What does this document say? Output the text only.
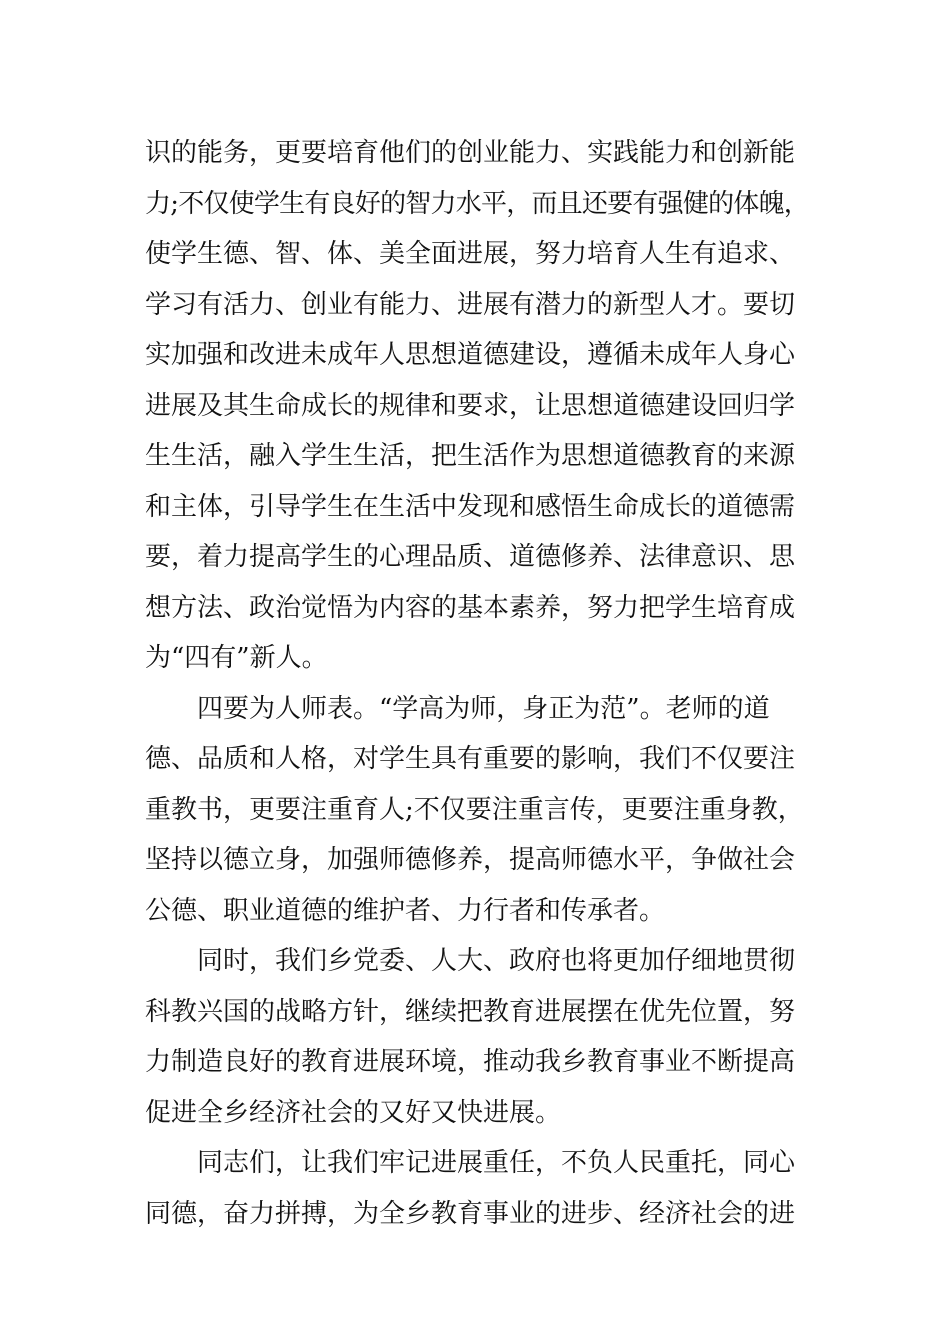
识的能务，更要培育他们的创业能力、实践能力和创新能
力;不仅使学生有良好的智力水平，而且还要有强健的体魄，
使学生德、智、体、美全面进展，努力培育人生有追求、
学习有活力、创业有能力、进展有潜力的新型人才。要切
实加强和改进未成年人思想道德建设，遵循未成年人身心
进展及其生命成长的规律和要求，让思想道德建设回归学
生生活，融入学生生活，把生活作为思想道德教育的来源
和主体，引导学生在生活中发现和感悟生命成长的道德需
要，着力提高学生的心理品质、道德修养、法律意识、思
想方法、政治觉悟为内容的基本素养，努力把学生培育成
为“四有”新人。
四要为人师表。“学高为师，身正为范”。老师的道
德、品质和人格，对学生具有重要的影响，我们不仅要注
重教书，更要注重育人;不仅要注重言传，更要注重身教，
坚持以德立身，加强师德修养，提高师德水平，争做社会
公德、职业道德的维护者、力行者和传承者。
同时，我们乡党委、人大、政府也将更加仔细地贯彻
科教兴国的战略方针，继续把教育进展摆在优先位置，努
力制造良好的教育进展环境，推动我乡教育事业不断提高
促进全乡经济社会的又好又快进展。
同志们，让我们牢记进展重任，不负人民重托，同心
同德，奋力拼搏，为全乡教育事业的进步、经济社会的进
